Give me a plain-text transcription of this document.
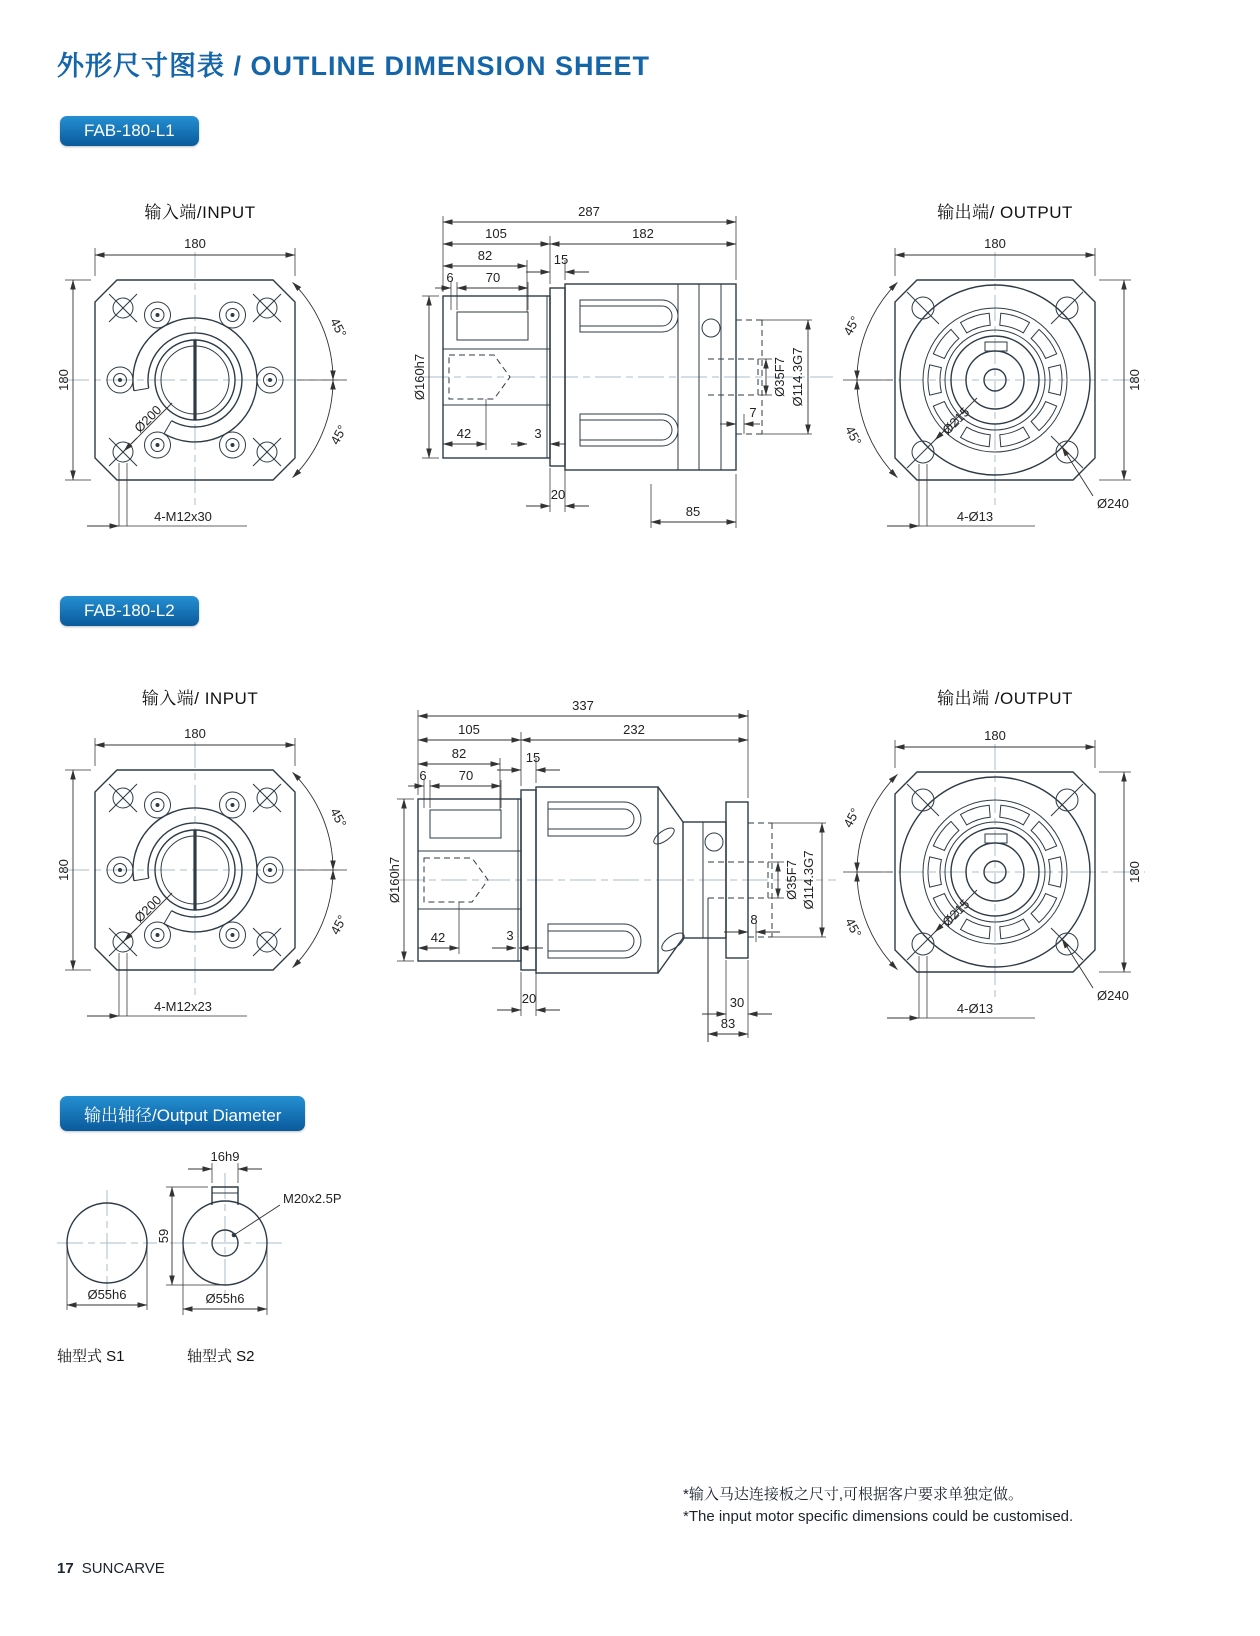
外形尺寸图表 / OUTLINE DIMENSION SHEET
FAB-180-L1
输入端/INPUT
180
180
Ø200
45°
45°
4-M12x30
287
105	182
82	15
6 70
Ø160h7
42	3
20
85
7
Ø35F7 Ø114.3G7
输出端/ OUTPUT
180
180
45°
45°	Ø215
4-Ø13
Ø240
FAB-180-L2
输入端/ INPUT
180
180
Ø200
45°
45°
4-M12x23
337
105	232
82	15
6 70
Ø160h7
42	3
20	30
83
8
Ø35F7 Ø114.3G7
输出端 /OUTPUT
180
180
45°
45°	Ø215
4-Ø13
Ø240
输出轴径/Output Diameter
Ø55h6
16h9
59
M20x2.5P
Ø55h6
轴型式 S1	轴型式 S2
*输入马达连接板之尺寸,可根据客户要求单独定做。
*The input motor specific dimensions could be customised.
17 SUNCARVE
